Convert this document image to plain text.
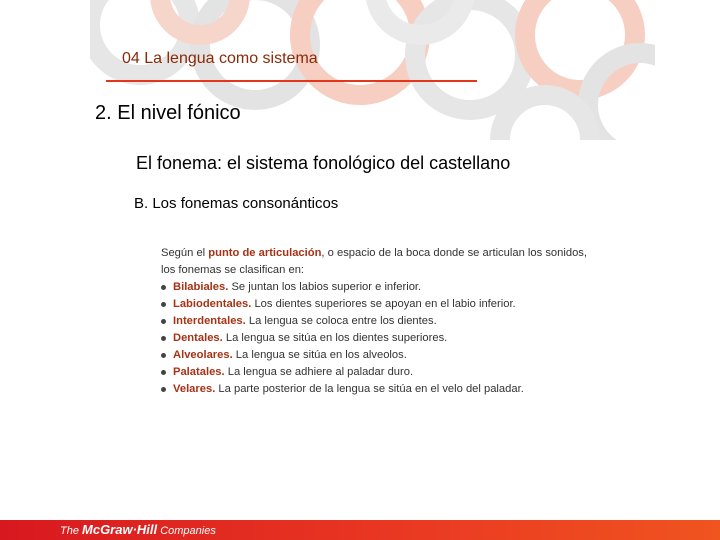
04 La lengua como sistema
2. El nivel fónico
El fonema: el sistema fonológico del castellano
B. Los fonemas consonánticos

Según el punto de articulación, o espacio de la boca donde se articulan los sonidos, los fonemas se clasifican en:

Bilabiales. Se juntan los labios superior e inferior.
Labiodentales. Los dientes superiores se apoyan en el labio inferior.
Interdentales. La lengua se coloca entre los dientes.
Dentales. La lengua se sitúa en los dientes superiores.
Alveolares. La lengua se sitúa en los alveolos.
Palatales. La lengua se adhiere al paladar duro.
Velares. La parte posterior de la lengua se sitúa en el velo del paladar.
The McGraw·Hill Companies
